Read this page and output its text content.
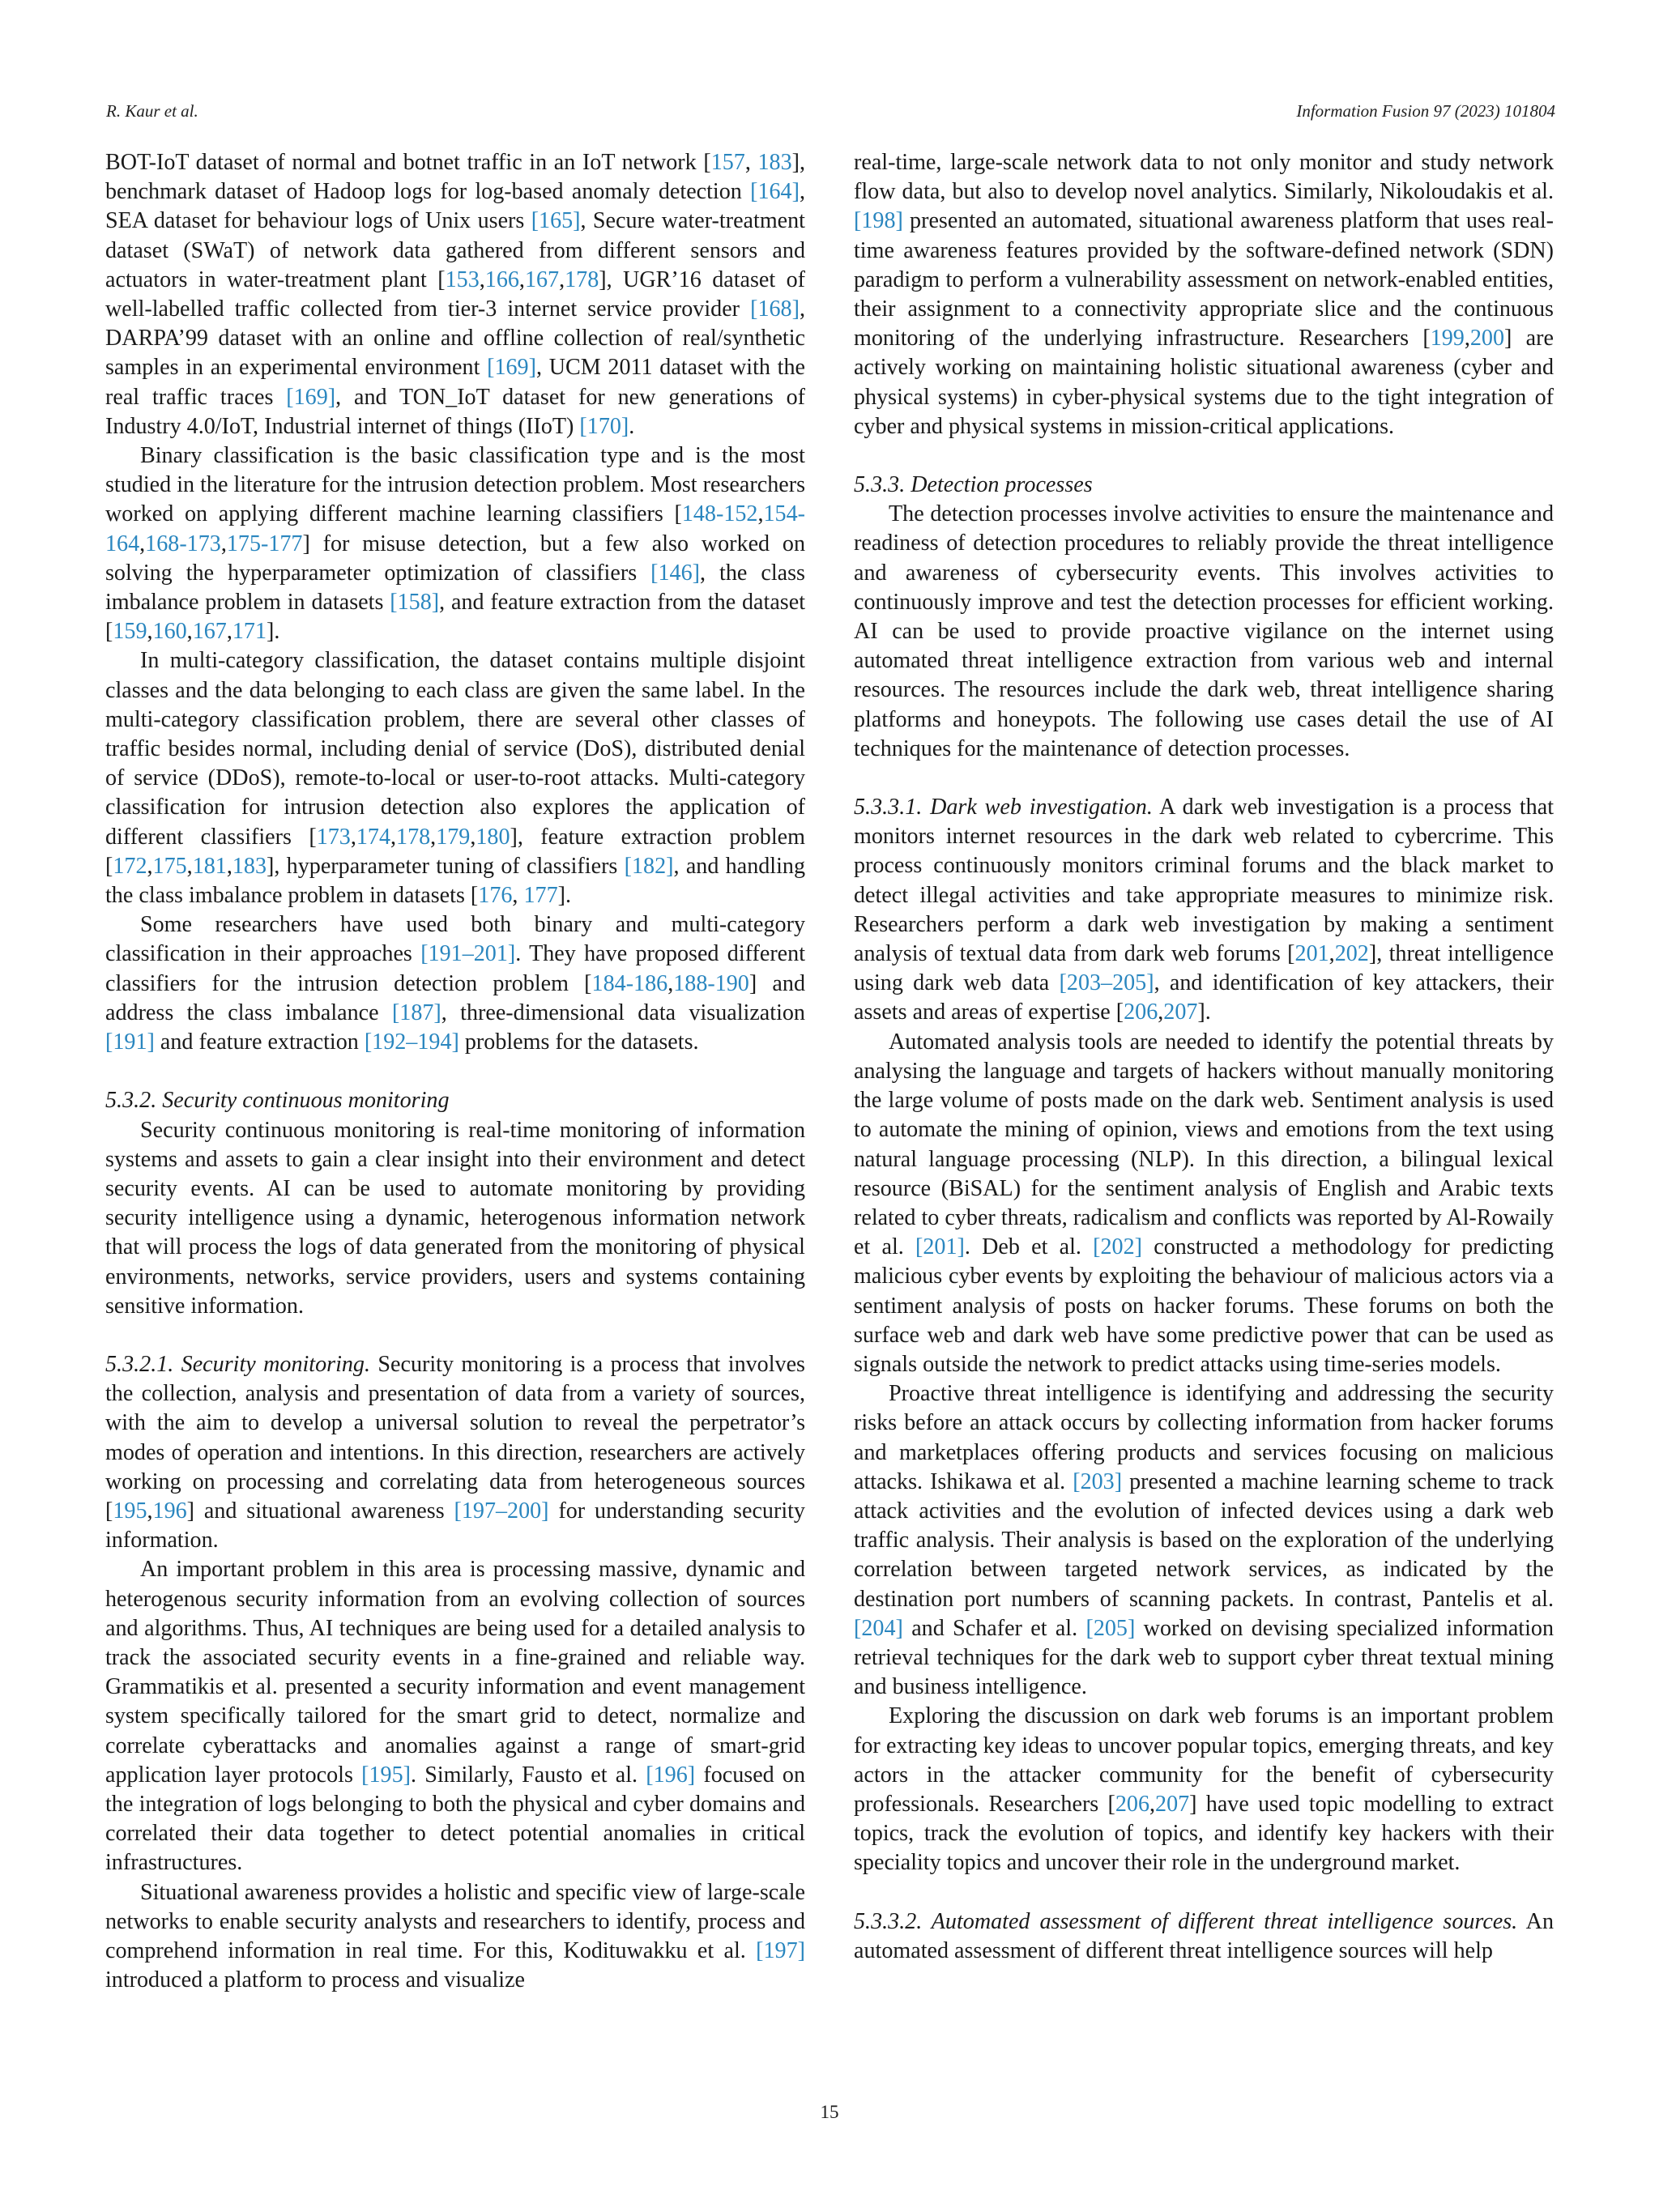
R. Kaur et al.	Information Fusion 97 (2023) 101804

BOT-IoT dataset of normal and botnet traffic in an IoT network [157, 183], benchmark dataset of Hadoop logs for log-based anomaly detection [164], SEA dataset for behaviour logs of Unix users [165], Secure water-treatment dataset (SWaT) of network data gathered from different sensors and actuators in water-treatment plant [153,166,167,178], UGR’16 dataset of well-labelled traffic collected from tier-3 internet service provider [168], DARPA’99 dataset with an online and offline collection of real/synthetic samples in an experimental environment [169], UCM 2011 dataset with the real traffic traces [169], and TON_IoT dataset for new generations of Industry 4.0/IoT, Industrial internet of things (IIoT) [170].

Binary classification is the basic classification type and is the most studied in the literature for the intrusion detection problem. Most researchers worked on applying different machine learning classifiers [148-152,154-164,168-173,175-177] for misuse detection, but a few also worked on solving the hyperparameter optimization of classifiers [146], the class imbalance problem in datasets [158], and feature extraction from the dataset [159,160,167,171].

In multi-category classification, the dataset contains multiple disjoint classes and the data belonging to each class are given the same label. In the multi-category classification problem, there are several other classes of traffic besides normal, including denial of service (DoS), distributed denial of service (DDoS), remote-to-local or user-to-root attacks. Multi-category classification for intrusion detection also explores the application of different classifiers [173,174,178,179,180], feature extraction problem [172,175,181,183], hyperparameter tuning of classifiers [182], and handling the class imbalance problem in datasets [176, 177].

Some researchers have used both binary and multi-category classification in their approaches [191–201]. They have proposed different classifiers for the intrusion detection problem [184-186,188-190] and address the class imbalance [187], three-dimensional data visualization [191] and feature extraction [192–194] problems for the datasets.

5.3.2. Security continuous monitoring

Security continuous monitoring is real-time monitoring of information systems and assets to gain a clear insight into their environment and detect security events. AI can be used to automate monitoring by providing security intelligence using a dynamic, heterogenous information network that will process the logs of data generated from the monitoring of physical environments, networks, service providers, users and systems containing sensitive information.

5.3.2.1. Security monitoring. Security monitoring is a process that involves the collection, analysis and presentation of data from a variety of sources, with the aim to develop a universal solution to reveal the perpetrator’s modes of operation and intentions. In this direction, researchers are actively working on processing and correlating data from heterogeneous sources [195,196] and situational awareness [197–200] for understanding security information.

An important problem in this area is processing massive, dynamic and heterogenous security information from an evolving collection of sources and algorithms. Thus, AI techniques are being used for a detailed analysis to track the associated security events in a fine-grained and reliable way. Grammatikis et al. presented a security information and event management system specifically tailored for the smart grid to detect, normalize and correlate cyberattacks and anomalies against a range of smart-grid application layer protocols [195]. Similarly, Fausto et al. [196] focused on the integration of logs belonging to both the physical and cyber domains and correlated their data together to detect potential anomalies in critical infrastructures.

Situational awareness provides a holistic and specific view of large-scale networks to enable security analysts and researchers to identify, process and comprehend information in real time. For this, Kodituwakku et al. [197] introduced a platform to process and visualize

real-time, large-scale network data to not only monitor and study network flow data, but also to develop novel analytics. Similarly, Nikoloudakis et al. [198] presented an automated, situational awareness platform that uses real-time awareness features provided by the software-defined network (SDN) paradigm to perform a vulnerability assessment on network-enabled entities, their assignment to a connectivity appropriate slice and the continuous monitoring of the underlying infrastructure. Researchers [199,200] are actively working on maintaining holistic situational awareness (cyber and physical systems) in cyber-physical systems due to the tight integration of cyber and physical systems in mission-critical applications.

5.3.3. Detection processes

The detection processes involve activities to ensure the maintenance and readiness of detection procedures to reliably provide the threat intelligence and awareness of cybersecurity events. This involves activities to continuously improve and test the detection processes for efficient working. AI can be used to provide proactive vigilance on the internet using automated threat intelligence extraction from various web and internal resources. The resources include the dark web, threat intelligence sharing platforms and honeypots. The following use cases detail the use of AI techniques for the maintenance of detection processes.

5.3.3.1. Dark web investigation. A dark web investigation is a process that monitors internet resources in the dark web related to cybercrime. This process continuously monitors criminal forums and the black market to detect illegal activities and take appropriate measures to minimize risk. Researchers perform a dark web investigation by making a sentiment analysis of textual data from dark web forums [201,202], threat intelligence using dark web data [203–205], and identification of key attackers, their assets and areas of expertise [206,207].

Automated analysis tools are needed to identify the potential threats by analysing the language and targets of hackers without manually monitoring the large volume of posts made on the dark web. Sentiment analysis is used to automate the mining of opinion, views and emotions from the text using natural language processing (NLP). In this direction, a bilingual lexical resource (BiSAL) for the sentiment analysis of English and Arabic texts related to cyber threats, radicalism and conflicts was reported by Al-Rowaily et al. [201]. Deb et al. [202] constructed a methodology for predicting malicious cyber events by exploiting the behaviour of malicious actors via a sentiment analysis of posts on hacker forums. These forums on both the surface web and dark web have some predictive power that can be used as signals outside the network to predict attacks using time-series models.

Proactive threat intelligence is identifying and addressing the security risks before an attack occurs by collecting information from hacker forums and marketplaces offering products and services focusing on malicious attacks. Ishikawa et al. [203] presented a machine learning scheme to track attack activities and the evolution of infected devices using a dark web traffic analysis. Their analysis is based on the exploration of the underlying correlation between targeted network services, as indicated by the destination port numbers of scanning packets. In contrast, Pantelis et al. [204] and Schafer et al. [205] worked on devising specialized information retrieval techniques for the dark web to support cyber threat textual mining and business intelligence.

Exploring the discussion on dark web forums is an important problem for extracting key ideas to uncover popular topics, emerging threats, and key actors in the attacker community for the benefit of cybersecurity professionals. Researchers [206,207] have used topic modelling to extract topics, track the evolution of topics, and identify key hackers with their speciality topics and uncover their role in the underground market.

5.3.3.2. Automated assessment of different threat intelligence sources. An automated assessment of different threat intelligence sources will help

15
